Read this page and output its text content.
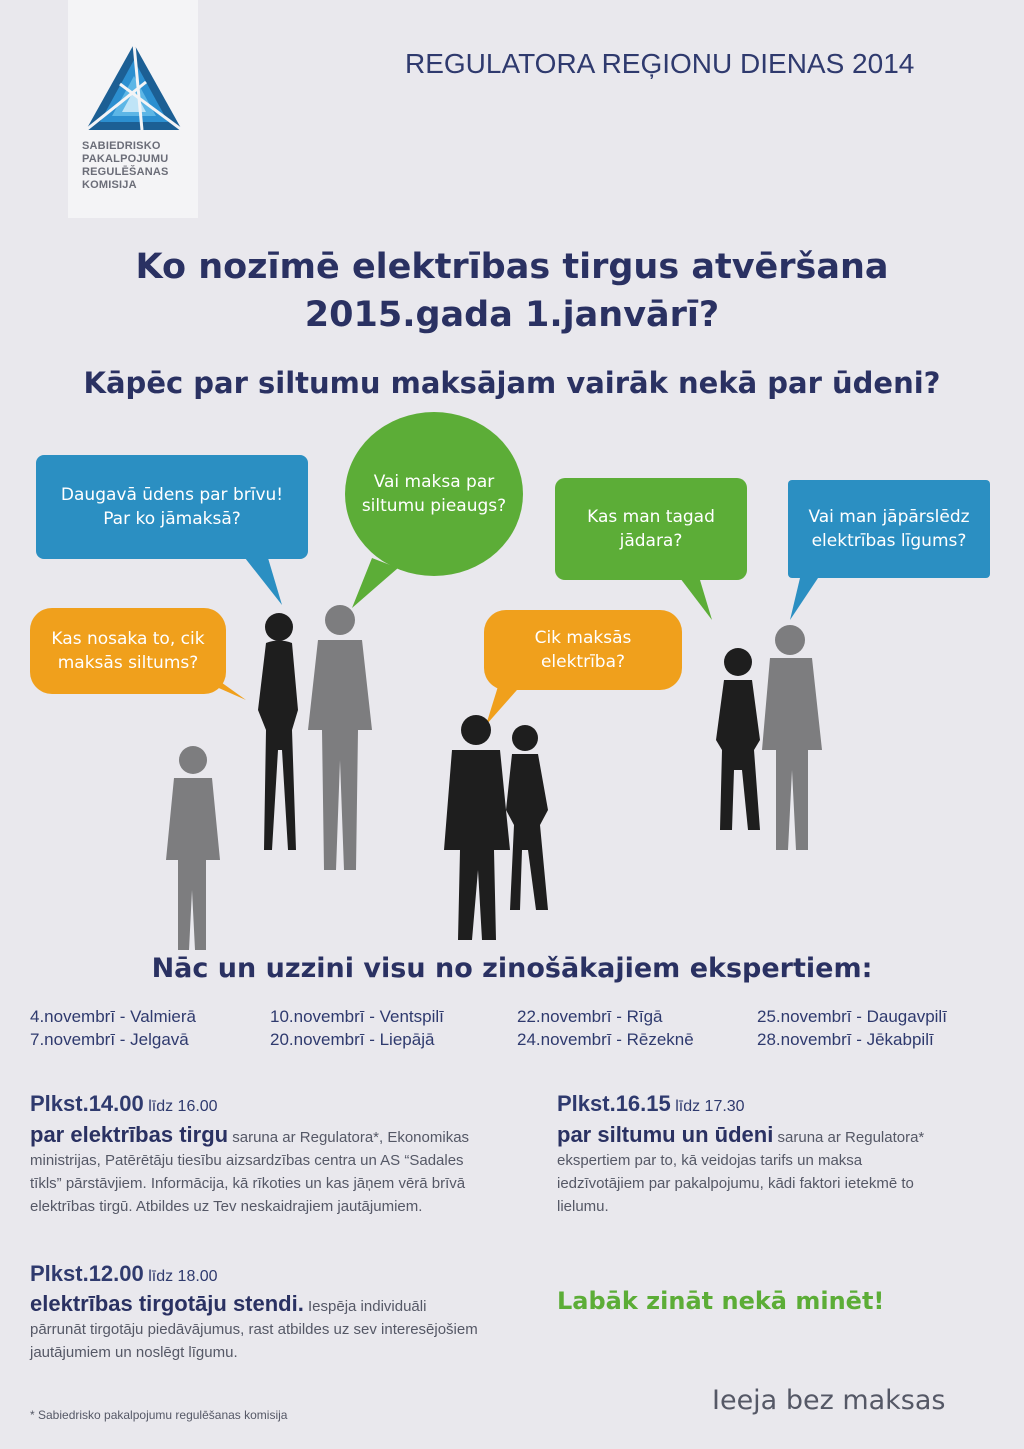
SABIEDRISKO
PAKALPOJUMU
REGULĒŠANAS
KOMISIJA
REGULATORA REĢIONU DIENAS 2014
Ko nozīmē elektrības tirgus atvēršana
2015.gada 1.janvārī?
Kāpēc par siltumu maksājam vairāk nekā par ūdeni?
Daugavā ūdens par brīvu!
Par ko jāmaksā?
Vai maksa par
siltumu pieaugs?
Kas man tagad
jādara?
Vai man jāpārslēdz
elektrības līgums?
Kas nosaka to, cik
maksās siltums?
Cik maksās
elektrība?
Nāc un uzzini visu no zinošākajiem ekspertiem:
4.novembrī - Valmierā
7.novembrī - Jelgavā
10.novembrī - Ventspilī
20.novembrī - Liepājā
22.novembrī - Rīgā
24.novembrī - Rēzeknē
25.novembrī - Daugavpilī
28.novembrī - Jēkabpilī
Plkst.14.00 līdz 16.00
par elektrības tirgu saruna ar Regulatora*, Ekonomikas ministrijas, Patērētāju tiesību aizsardzības centra un AS “Sadales tīkls” pārstāvjiem. Informācija, kā rīkoties un kas jāņem vērā brīvā elektrības tirgū. Atbildes uz Tev neskaidrajiem jautājumiem.
Plkst.16.15 līdz 17.30
par siltumu un ūdeni saruna ar Regulatora* ekspertiem par to, kā veidojas tarifs un maksa iedzīvotājiem par pakalpojumu, kādi faktori ietekmē to lielumu.
Plkst.12.00 līdz 18.00
elektrības tirgotāju stendi. Iespēja individuāli pārrunāt tirgotāju piedāvājumus, rast atbildes uz sev interesējošiem jautājumiem un noslēgt līgumu.
Labāk zināt nekā minēt!
Ieeja bez maksas
* Sabiedrisko pakalpojumu regulēšanas komisija
